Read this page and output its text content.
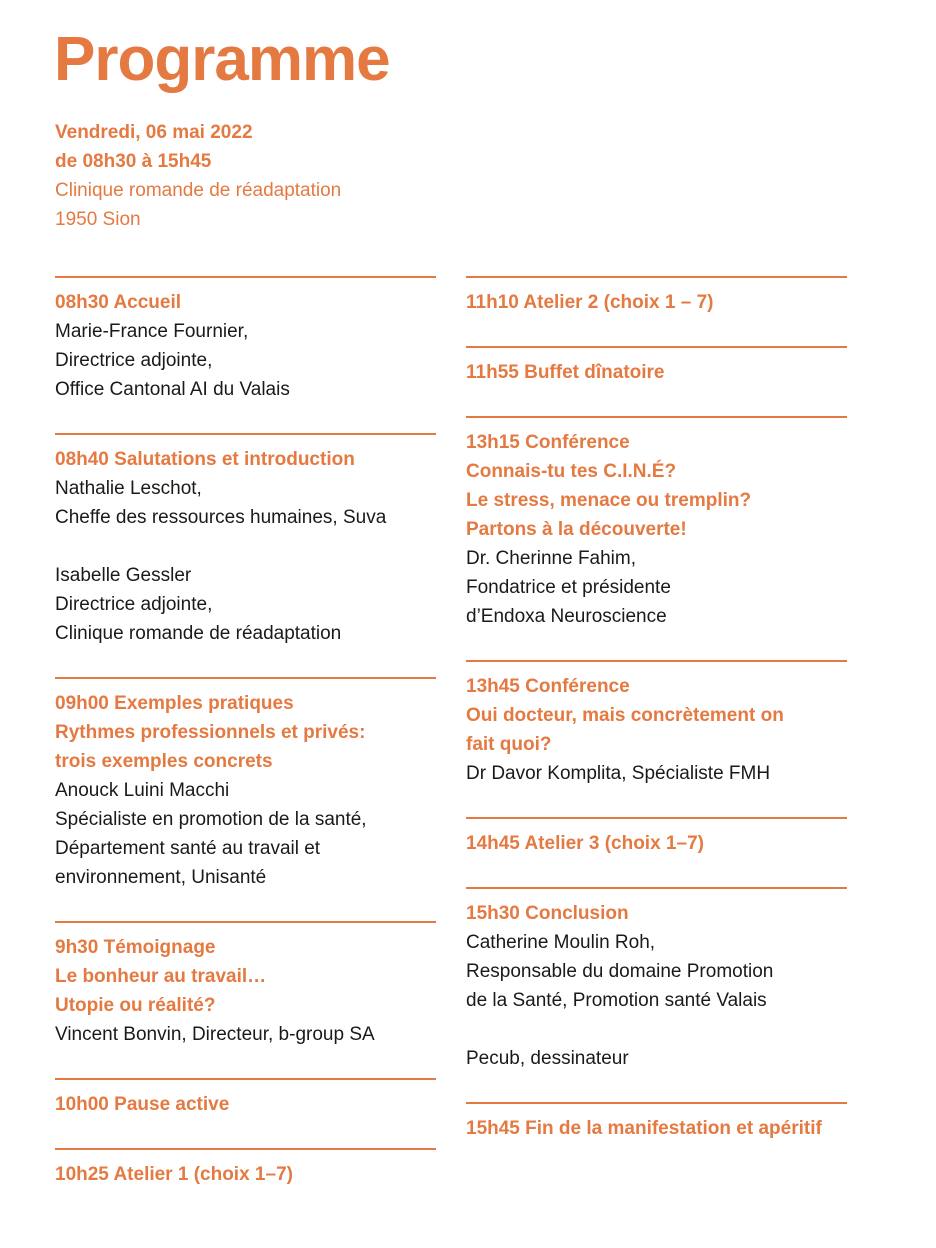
Programme
Vendredi, 06 mai 2022
de 08h30 à 15h45
Clinique romande de réadaptation
1950 Sion
08h30 Accueil
Marie-France Fournier,
Directrice adjointe,
Office Cantonal AI du Valais
08h40 Salutations et introduction
Nathalie Leschot,
Cheffe des ressources humaines, Suva
Isabelle Gessler
Directrice adjointe,
Clinique romande de réadaptation
09h00 Exemples pratiques
Rythmes professionnels et privés:
trois exemples concrets
Anouck Luini Macchi
Spécialiste en promotion de la santé,
Département santé au travail et
environnement, Unisanté
9h30 Témoignage
Le bonheur au travail…
Utopie ou réalité?
Vincent Bonvin, Directeur, b-group SA
10h00 Pause active
10h25 Atelier 1 (choix 1–7)
11h10 Atelier 2 (choix 1 – 7)
11h55 Buffet dînatoire
13h15 Conférence
Connais-tu tes C.I.N.É?
Le stress, menace ou tremplin?
Partons à la découverte!
Dr. Cherinne Fahim,
Fondatrice et présidente
d’Endoxa Neuroscience
13h45 Conférence
Oui docteur, mais concrètement on
fait quoi?
Dr Davor Komplita, Spécialiste FMH
14h45 Atelier 3 (choix 1–7)
15h30 Conclusion
Catherine Moulin Roh,
Responsable du domaine Promotion
de la Santé, Promotion santé Valais
Pecub, dessinateur
15h45 Fin de la manifestation et apéritif
